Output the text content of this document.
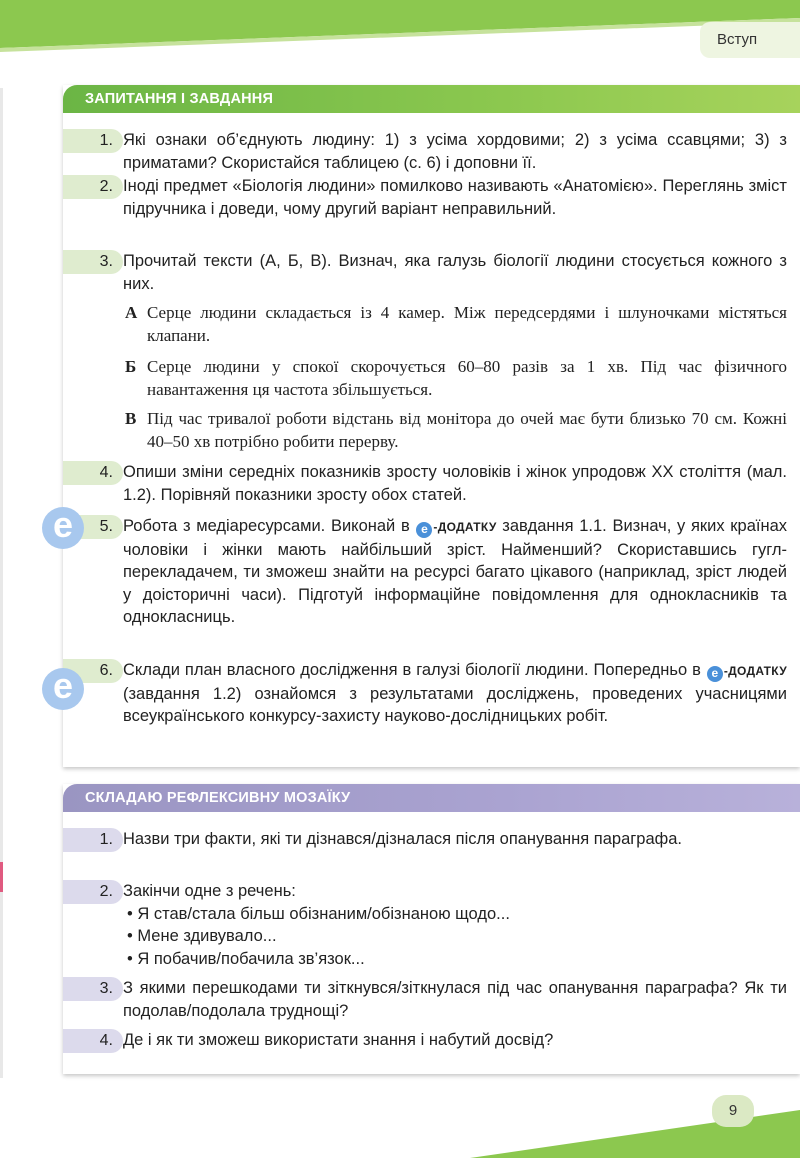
Вступ
ЗАПИТАННЯ І ЗАВДАННЯ
1. Які ознаки об’єднують людину: 1) з усіма хордовими; 2) з усіма ссавцями; 3) з приматами? Скористайся таблицею (с. 6) і доповни її.
2. Іноді предмет «Біологія людини» помилково називають «Анатомією». Переглянь зміст підручника і доведи, чому другий варіант неправильний.
3. Прочитай тексти (А, Б, В). Визнач, яка галузь біології людини стосується кожного з них.
А Серце людини складається із 4 камер. Між передсердями і шлуночками містяться клапани.
Б Серце людини у спокої скорочується 60–80 разів за 1 хв. Під час фізичного навантаження ця частота збільшується.
В Під час тривалої роботи відстань від монітора до очей має бути близько 70 см. Кожні 40–50 хв потрібно робити перерву.
4. Опиши зміни середніх показників зросту чоловіків і жінок упродовж XX століття (мал. 1.2). Порівняй показники зросту обох статей.
5. Робота з медіаресурсами. Виконай в е -ДОДАТКУ завдання 1.1. Визнач, у яких країнах чоловіки і жінки мають найбільший зріст. Найменший? Скориставшись гугл-перекладачем, ти зможеш знайти на ресурсі багато цікавого (наприклад, зріст людей у доісторичні часи). Підготуй інформаційне повідомлення для однокласників та однокласниць.
6. Склади план власного дослідження в галузі біології людини. Попередньо в е -ДОДАТКУ (завдання 1.2) ознайомся з результатами досліджень, проведених учасницями всеукраїнського конкурсу-захисту науково-дослідницьких робіт.
е
е
СКЛАДАЮ РЕФЛЕКСИВНУ МОЗАЇКУ
1. Назви три факти, які ти дізнався/дізналася після опанування параграфа.
2. Закінчи одне з речень:
• Я став/стала більш обізнаним/обізнаною щодо...
• Мене здивувало...
• Я побачив/побачила зв’язок...
3. З якими перешкодами ти зіткнувся/зіткнулася під час опанування параграфа? Як ти подолав/подолала труднощі?
4. Де і як ти зможеш використати знання і набутий досвід?
9
